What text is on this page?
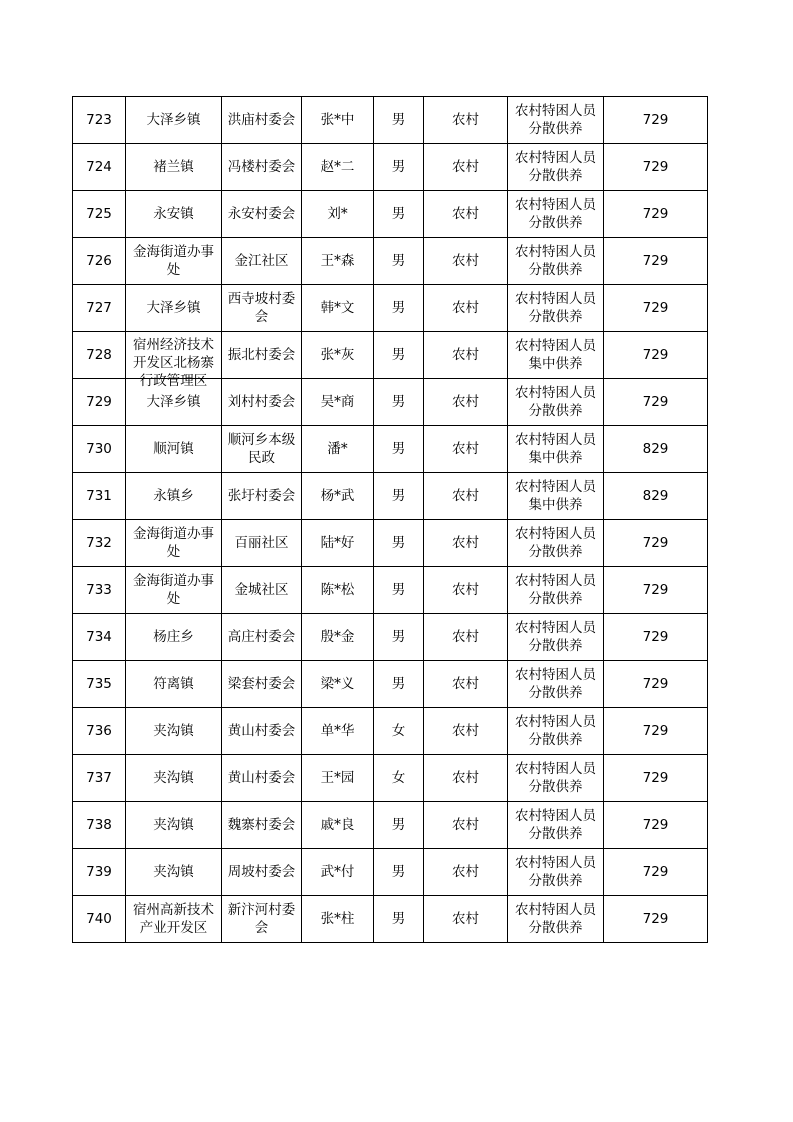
723	大泽乡镇	洪庙村委会	张*中	男	农村	农村特困人员分散供养	729
724	褚兰镇	冯楼村委会	赵*二	男	农村	农村特困人员分散供养	729
725	永安镇	永安村委会	刘*	男	农村	农村特困人员分散供养	729
726	金海街道办事处	金江社区	王*森	男	农村	农村特困人员分散供养	729
727	大泽乡镇	西寺坡村委会	韩*文	男	农村	农村特困人员分散供养	729
728	宿州经济技术开发区北杨寨行政管理区	振北村委会	张*灰	男	农村	农村特困人员集中供养	729
729	大泽乡镇	刘村村委会	吴*商	男	农村	农村特困人员分散供养	729
730	顺河镇	顺河乡本级民政	潘*	男	农村	农村特困人员集中供养	829
731	永镇乡	张圩村委会	杨*武	男	农村	农村特困人员集中供养	829
732	金海街道办事处	百丽社区	陆*好	男	农村	农村特困人员分散供养	729
733	金海街道办事处	金城社区	陈*松	男	农村	农村特困人员分散供养	729
734	杨庄乡	高庄村委会	殷*金	男	农村	农村特困人员分散供养	729
735	符离镇	梁套村委会	梁*义	男	农村	农村特困人员分散供养	729
736	夹沟镇	黄山村委会	单*华	女	农村	农村特困人员分散供养	729
737	夹沟镇	黄山村委会	王*园	女	农村	农村特困人员分散供养	729
738	夹沟镇	魏寨村委会	戚*良	男	农村	农村特困人员分散供养	729
739	夹沟镇	周坡村委会	武*付	男	农村	农村特困人员分散供养	729
740	宿州高新技术产业开发区	新汴河村委会	张*柱	男	农村	农村特困人员分散供养	729
